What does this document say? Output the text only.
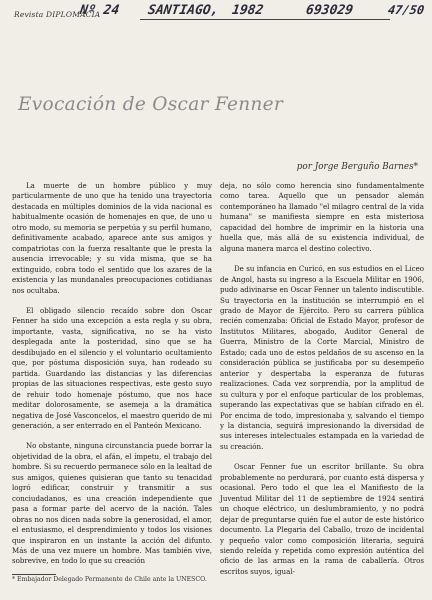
Revista DIPLOMACIA
Nº 24 SANTIAGO, 1982	693029	47/50
Evocación de Oscar Fenner
por Jorge Berguño Barnes*

La muerte de un hombre público y muy particularmente de uno que ha tenido una trayectoria destacada en múltiples dominios de la vida nacional es habitualmente ocasión de homenajes en que, de uno u otro modo, su memoria se perpetúa y su perfil humano, definitivamente acabado, aparece ante sus amigos y compatriotas con la fuerza resaltante que le presta la ausencia irrevocable; y su vida misma, que se ha extinguido, cobra todo el sentido que los azares de la existencia y las mundanales preocupaciones cotidianas nos ocultaba.

El obligado silencio recaído sobre don Oscar Fenner ha sido una excepción a esta regla y su obra, importante, vasta, significativa, no se ha visto desplegada ante la posteridad, sino que se ha desdibujado en el silencio y el voluntario ocultamiento que, por póstuma disposición suya, han rodeado su partida. Guardando las distancias y las diferencias propias de las situaciones respectivas, este gesto suyo de rehuir todo homenaje póstumo, que nos hace meditar dolorosamente, se asemeja a la dramática negativa de José Vasconcelos, el maestro querido de mi generación, a ser enterrado en el Panteón Mexicano.

No obstante, ninguna circunstancia puede borrar la objetividad de la obra, el afán, el ímpetu, el trabajo del hombre. Si su recuerdo permanece sólo en la lealtad de sus amigos, quienes quisieran que tanto su tenacidad logró edificar, construir y transmitir a sus conciudadanos, es una creación independiente que pasa a formar parte del acervo de la nación. Tales obras no nos dicen nada sobre la generosidad, el amor, el entusiasmo, el desprendimiento y todos los visiones que inspiraron en un instante la acción del difunto. Más de una vez muere un hombre. Mas también vive, sobrevive, en todo lo que su creación

deja, no sólo como herencia sino fundamentalmente como tarea. Aquello que un pensador alemán contemporáneo ha llamado "el milagro central de la vida humana" se manifiesta siempre en esta misteriosa capacidad del hombre de imprimir en la historia una huella que, más allá de su existencia individual, de alguna manera marca el destino colectivo.

De su infancia en Curicó, en sus estudios en el Liceo de Angol, hasta su ingreso a la Escuela Militar en 1906, pudo adivinarse en Oscar Fenner un talento indiscutible. Su trayectoria en la institución se interrumpió en el grado de Mayor de Ejército. Pero su carrera pública recién comenzaba: Oficial de Estado Mayor, profesor de Institutos Militares, abogado, Auditor General de Guerra, Ministro de la Corte Marcial, Ministro de Estado; cada uno de estos peldaños de su ascenso en la consideración pública se justificaba por su desempeño anterior y despertaba la esperanza de futuras realizaciones. Cada vez sorprendía, por la amplitud de su cultura y por el enfoque particular de los problemas, superando las expectativas que se habían cifrado en él. Por encima de todo, impresionaba y, salvando el tiempo y la distancia, seguirá impresionando la diversidad de sus intereses intelectuales estampada en la variedad de su creación.

Oscar Fenner fue un escritor brillante. Su obra probablemente no perdurará, por cuanto está dispersa y ocasional. Pero todo el que lea el Manifiesto de la Juventud Militar del 11 de septiembre de 1924 sentirá un choque eléctrico, un deslumbramiento, y no podrá dejar de preguntarse quién fue el autor de este histórico documento. La Plegaria del Caballo, trozo de incidental y pequeño valor como composición literaria, seguirá siendo releída y repetida como expresión auténtica del oficio de las armas en la rama de caballería. Otros escritos suyos, igual-

* Embajador Delegado Permanente de Chile ante la UNESCO.
